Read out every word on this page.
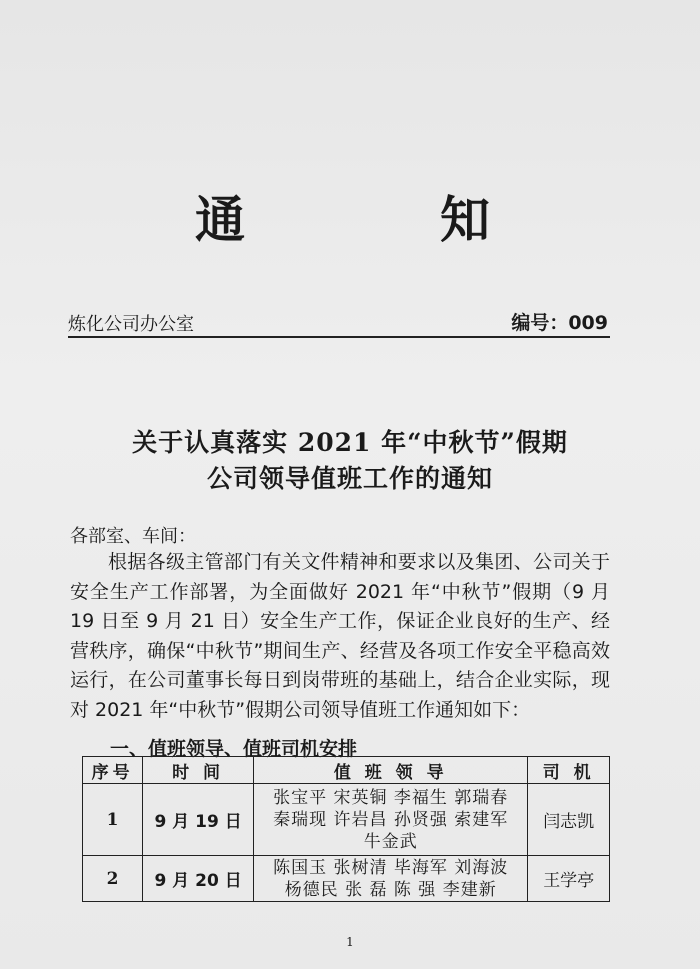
通	知
炼化公司办公室	编号：009
关于认真落实 2021 年“中秋节”假期
公司领导值班工作的通知
各部室、车间：
根据各级主管部门有关文件精神和要求以及集团、公司关于安全生产工作部署，为全面做好 2021 年“中秋节”假期（9 月 19 日至 9 月 21 日）安全生产工作，保证企业良好的生产、经营秩序，确保“中秋节”期间生产、经营及各项工作安全平稳高效运行，在公司董事长每日到岗带班的基础上，结合企业实际，现对 2021 年“中秋节”假期公司领导值班工作通知如下：
一、值班领导、值班司机安排
序号	时 间	值 班 领 导	司 机
1	9 月 19 日	张宝平 宋英铜 李福生 郭瑞春
秦瑞现 许岩昌 孙贤强 索建军
牛金武	闫志凯
2	9 月 20 日	陈国玉 张树清 毕海军 刘海波
杨德民 张 磊 陈 强 李建新	王学亭
1
